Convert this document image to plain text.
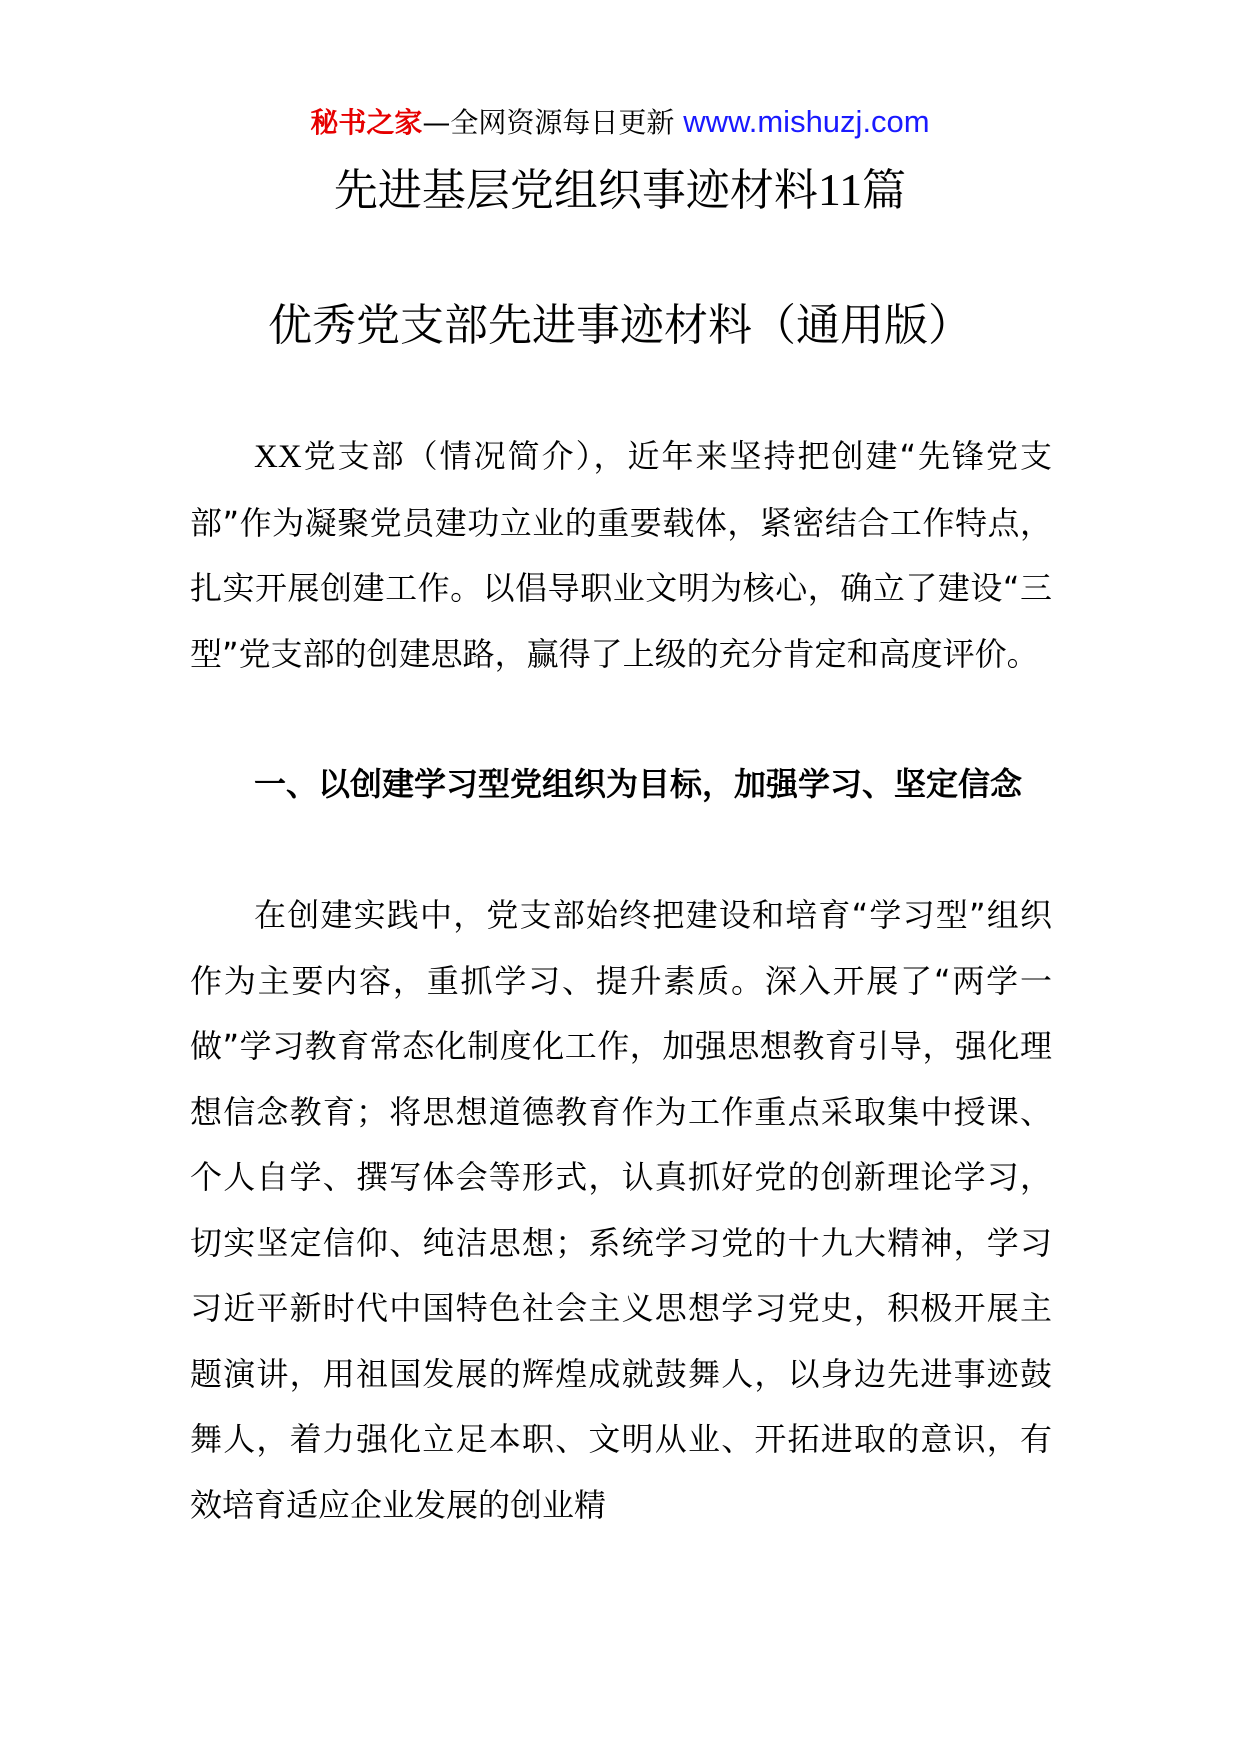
秘书之家—全网资源每日更新 www.mishuzj.com
先进基层党组织事迹材料11篇
优秀党支部先进事迹材料（通用版）

XX党支部（情况简介），近年来坚持把创建“先锋党支部”作为凝聚党员建功立业的重要载体，紧密结合工作特点，扎实开展创建工作。以倡导职业文明为核心，确立了建设“三型”党支部的创建思路，赢得了上级的充分肯定和高度评价。

一、以创建学习型党组织为目标，加强学习、坚定信念

在创建实践中，党支部始终把建设和培育“学习型”组织作为主要内容，重抓学习、提升素质。深入开展了“两学一做”学习教育常态化制度化工作，加强思想教育引导，强化理想信念教育；将思想道德教育作为工作重点采取集中授课、个人自学、撰写体会等形式，认真抓好党的创新理论学习，切实坚定信仰、纯洁思想；系统学习党的十九大精神，学习习近平新时代中国特色社会主义思想学习党史，积极开展主题演讲，用祖国发展的辉煌成就鼓舞人，以身边先进事迹鼓舞人，着力强化立足本职、文明从业、开拓进取的意识，有效培育适应企业发展的创业精
